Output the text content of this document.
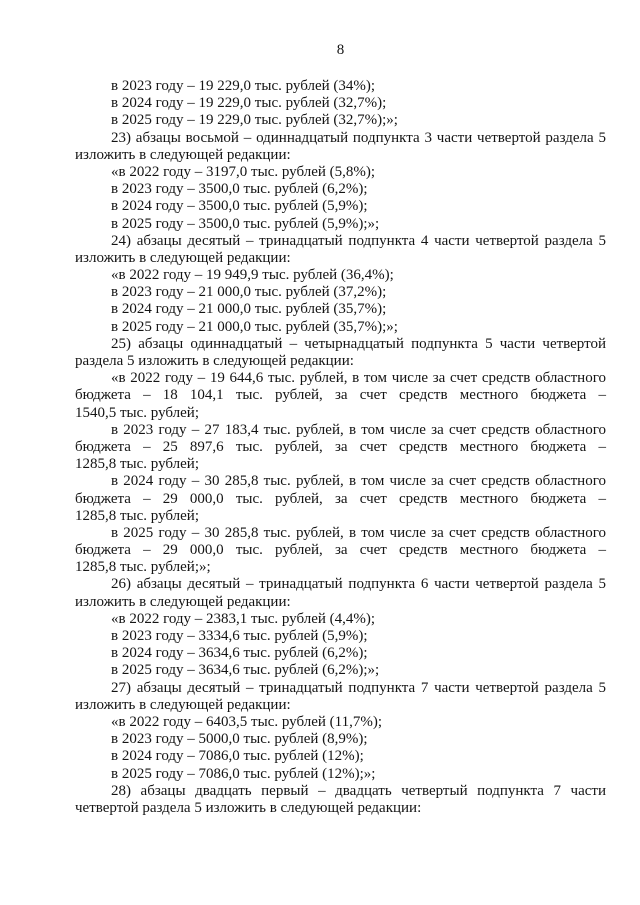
8
в 2023 году – 19 229,0 тыс. рублей (34%);
в 2024 году – 19 229,0 тыс. рублей (32,7%);
в 2025 году – 19 229,0 тыс. рублей (32,7%);»;
23) абзацы восьмой – одиннадцатый подпункта 3 части четвертой раздела 5
изложить в следующей редакции:
«в 2022 году – 3197,0 тыс. рублей (5,8%);
в 2023 году – 3500,0 тыс. рублей (6,2%);
в 2024 году – 3500,0 тыс. рублей (5,9%);
в 2025 году – 3500,0 тыс. рублей (5,9%);»;
24) абзацы десятый – тринадцатый подпункта 4 части четвертой раздела 5
изложить в следующей редакции:
«в 2022 году – 19 949,9 тыс. рублей (36,4%);
в 2023 году – 21 000,0 тыс. рублей (37,2%);
в 2024 году – 21 000,0 тыс. рублей (35,7%);
в 2025 году – 21 000,0 тыс. рублей (35,7%);»;
25) абзацы одиннадцатый – четырнадцатый подпункта 5 части четвертой
раздела 5 изложить в следующей редакции:
«в 2022 году – 19 644,6 тыс. рублей, в том числе за счет средств областного
бюджета – 18 104,1 тыс. рублей, за счет средств местного бюджета –
1540,5 тыс. рублей;
в 2023 году – 27 183,4 тыс. рублей, в том числе за счет средств областного
бюджета – 25 897,6 тыс. рублей, за счет средств местного бюджета –
1285,8 тыс. рублей;
в 2024 году – 30 285,8 тыс. рублей, в том числе за счет средств областного
бюджета – 29 000,0 тыс. рублей, за счет средств местного бюджета –
1285,8 тыс. рублей;
в 2025 году – 30 285,8 тыс. рублей, в том числе за счет средств областного
бюджета – 29 000,0 тыс. рублей, за счет средств местного бюджета –
1285,8 тыс. рублей;»;
26) абзацы десятый – тринадцатый подпункта 6 части четвертой раздела 5
изложить в следующей редакции:
«в 2022 году – 2383,1 тыс. рублей (4,4%);
в 2023 году – 3334,6 тыс. рублей (5,9%);
в 2024 году – 3634,6 тыс. рублей (6,2%);
в 2025 году – 3634,6 тыс. рублей (6,2%);»;
27) абзацы десятый – тринадцатый подпункта 7 части четвертой раздела 5
изложить в следующей редакции:
«в 2022 году – 6403,5 тыс. рублей (11,7%);
в 2023 году – 5000,0 тыс. рублей (8,9%);
в 2024 году – 7086,0 тыс. рублей (12%);
в 2025 году – 7086,0 тыс. рублей (12%);»;
28) абзацы двадцать первый – двадцать четвертый подпункта 7 части
четвертой раздела 5 изложить в следующей редакции:
